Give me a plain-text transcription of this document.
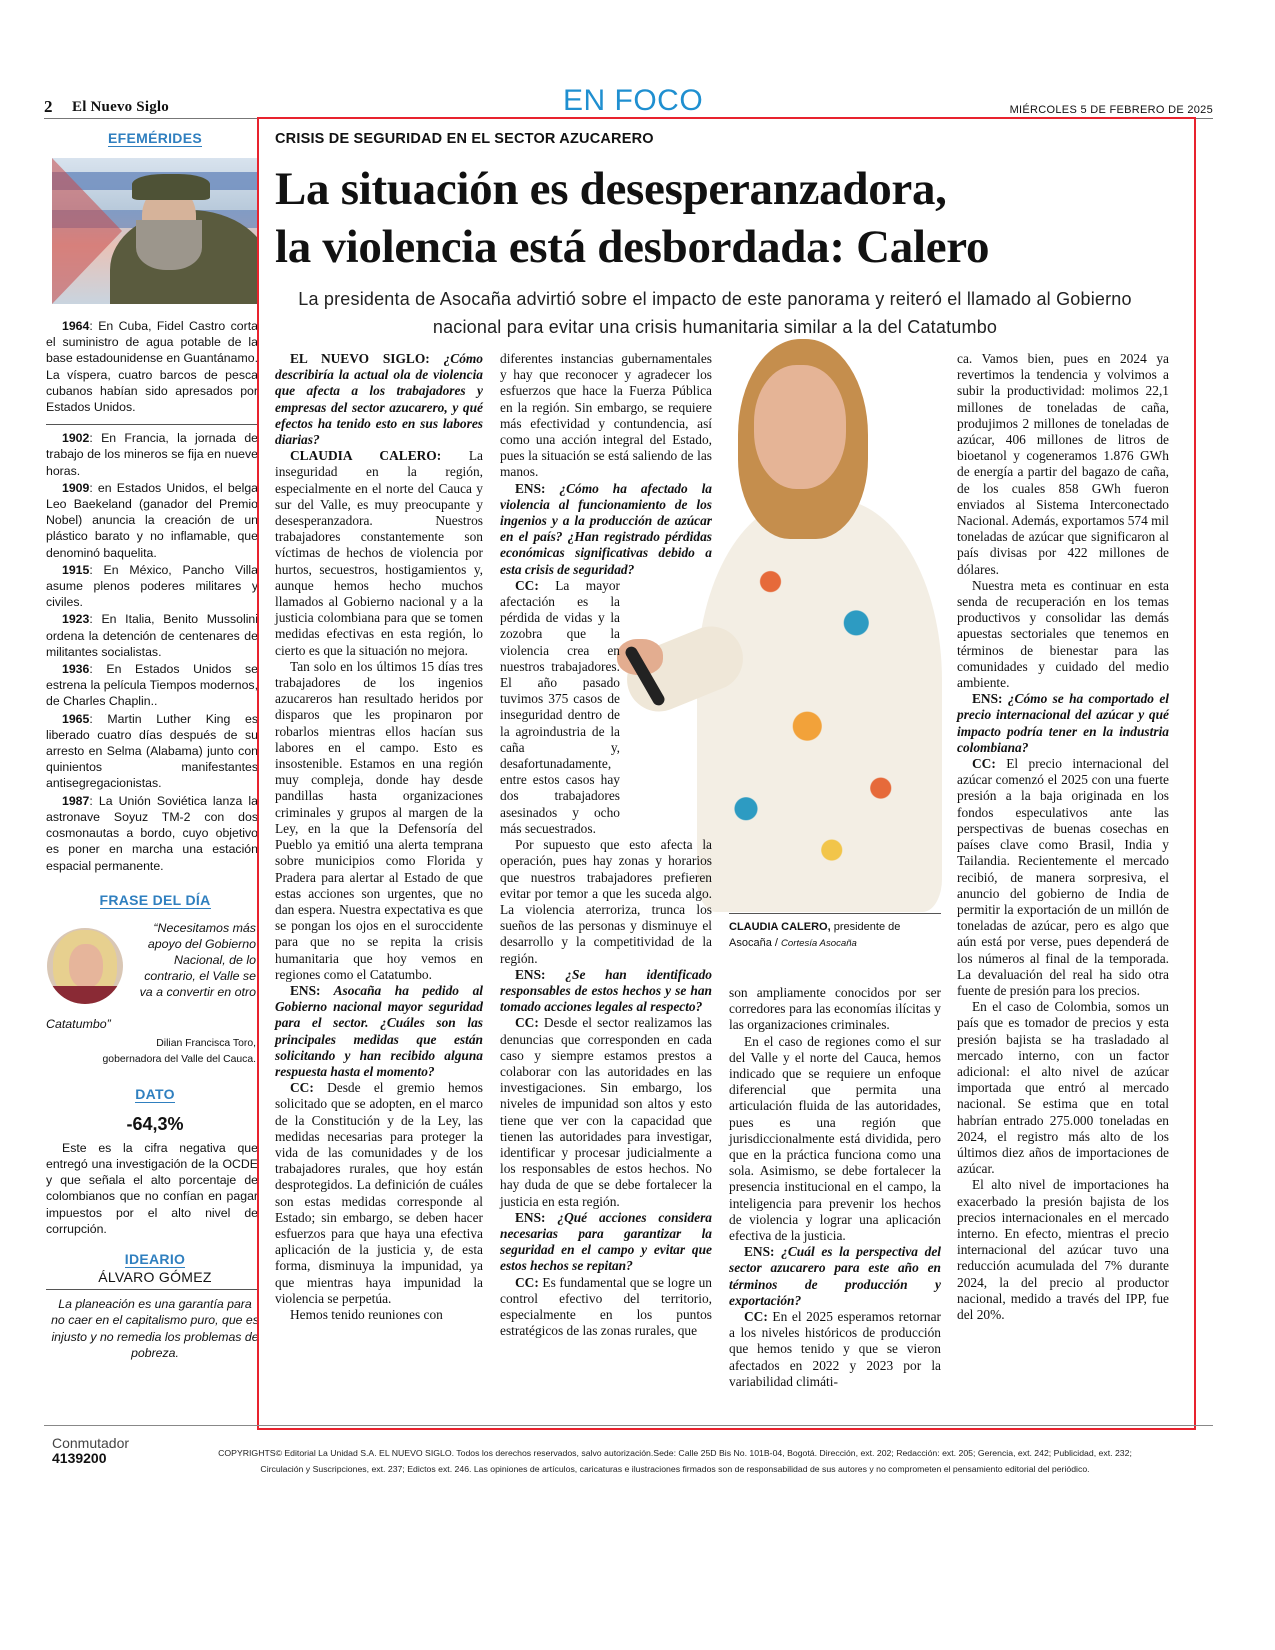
2 El Nuevo Siglo	EN FOCO	MIÉRCOLES 5 DE FEBRERO DE 2025
EFEMÉRIDES

1964: En Cuba, Fidel Castro corta el suministro de agua potable de la base estadounidense en Guantánamo. La víspera, cuatro barcos de pesca cubanos habían sido apresados por Estados Unidos.

1902: En Francia, la jornada de trabajo de los mineros se fija en nueve horas.

1909: en Estados Unidos, el belga Leo Baekeland (ganador del Premio Nobel) anuncia la creación de un plástico barato y no inflamable, que denominó baquelita.

1915: En México, Pancho Villa asume plenos poderes militares y civiles.

1923: En Italia, Benito Mussolini ordena la detención de centenares de militantes socialistas.

1936: En Estados Unidos se estrena la película Tiempos modernos, de Charles Chaplin..

1965: Martin Luther King es liberado cuatro días después de su arresto en Selma (Alabama) junto con quinientos manifestantes antisegregacionistas.

1987: La Unión Soviética lanza la astronave Soyuz TM-2 con dos cosmonautas a bordo, cuyo objetivo es poner en marcha una estación espacial permanente.

FRASE DEL DÍA
“Necesitamos más apoyo del Gobierno Nacional, de lo contrario, el Valle se va a convertir en otro
Catatumbo”
Dilian Francisca Toro,
gobernadora del Valle del Cauca.
DATO
-64,3%
Este es la cifra negativa que entregó una investigación de la OCDE y que señala el alto porcentaje de colombianos que no confían en pagar impuestos por el alto nivel de corrupción.
IDEARIO
ÁLVARO GÓMEZ
La planeación es una garantía para no caer en el capitalismo puro, que es injusto y no remedia los problemas de pobreza.
CRISIS DE SEGURIDAD EN EL SECTOR AZUCARERO
La situación es desesperanzadora,
la violencia está desbordada: Calero
La presidenta de Asocaña advirtió sobre el impacto de este panorama y reiteró el llamado al Gobierno nacional para evitar una crisis humanitaria similar a la del Catatumbo
CLAUDIA CALERO, presidente de Asocaña / Cortesía Asocaña

EL NUEVO SIGLO: ¿Cómo describiría la actual ola de violencia que afecta a los trabajadores y empresas del sector azucarero, y qué efectos ha tenido esto en sus labores diarias?

CLAUDIA CALERO: La inseguridad en la región, especialmente en el norte del Cauca y sur del Valle, es muy preocupante y desesperanzadora. Nuestros trabajadores constantemente son víctimas de hechos de violencia por hurtos, secuestros, hostigamientos y, aunque hemos hecho muchos llamados al Gobierno nacional y a la justicia colombiana para que se tomen medidas efectivas en esta región, lo cierto es que la situación no mejora.

Tan solo en los últimos 15 días tres trabajadores de los ingenios azucareros han resultado heridos por disparos que les propinaron por robarlos mientras ellos hacían sus labores en el campo. Esto es insostenible. Estamos en una región muy compleja, donde hay desde pandillas hasta organizaciones criminales y grupos al margen de la Ley, en la que la Defensoría del Pueblo ya emitió una alerta temprana sobre municipios como Florida y Pradera para alertar al Estado de que estas acciones son urgentes, que no dan espera. Nuestra expectativa es que se pongan los ojos en el suroccidente para que no se repita la crisis humanitaria que hoy vemos en regiones como el Catatumbo.

ENS: Asocaña ha pedido al Gobierno nacional mayor seguridad para el sector. ¿Cuáles son las principales medidas que están solicitando y han recibido alguna respuesta hasta el momento?

CC: Desde el gremio hemos solicitado que se adopten, en el marco de la Constitución y de la Ley, las medidas necesarias para proteger la vida de las comunidades y de los trabajadores rurales, que hoy están desprotegidos. La definición de cuáles son estas medidas corresponde al Estado; sin embargo, se deben hacer esfuerzos para que haya una efectiva aplicación de la justicia y, de esta forma, disminuya la impunidad, ya que mientras haya impunidad la violencia se perpetúa.

Hemos tenido reuniones con

diferentes instancias gubernamentales y hay que reconocer y agradecer los esfuerzos que hace la Fuerza Pública en la región. Sin embargo, se requiere más efectividad y contundencia, así como una acción integral del Estado, pues la situación se está saliendo de las manos.

ENS: ¿Cómo ha afectado la violencia al funcionamiento de los ingenios y a la producción de azúcar en el país? ¿Han registrado pérdidas económicas significativas debido a esta crisis de seguridad?

CC: La mayor afectación es la pérdida de vidas y la zozobra que la violencia crea en nuestros trabajadores. El año pasado tuvimos 375 casos de inseguridad dentro de la agroindustria de la caña y, desafortunadamente, entre estos casos hay dos trabajadores asesinados y ocho más secuestrados.

Por supuesto que esto afecta la operación, pues hay zonas y horarios que nuestros trabajadores prefieren evitar por temor a que les suceda algo. La violencia aterroriza, trunca los sueños de las personas y disminuye el desarrollo y la competitividad de la región.

ENS: ¿Se han identificado responsables de estos hechos y se han tomado acciones legales al respecto?

CC: Desde el sector realizamos las denuncias que corresponden en cada caso y siempre estamos prestos a colaborar con las autoridades en las investigaciones. Sin embargo, los niveles de impunidad son altos y esto tiene que ver con la capacidad que tienen las autoridades para investigar, identificar y procesar judicialmente a los responsables de estos hechos. No hay duda de que se debe fortalecer la justicia en esta región.

ENS: ¿Qué acciones considera necesarias para garantizar la seguridad en el campo y evitar que estos hechos se repitan?

CC: Es fundamental que se logre un control efectivo del territorio, especialmente en los puntos estratégicos de las zonas rurales, que

son ampliamente conocidos por ser corredores para las economías ilícitas y las organizaciones criminales.

En el caso de regiones como el sur del Valle y el norte del Cauca, hemos indicado que se requiere un enfoque diferencial que permita una articulación fluida de las autoridades, pues es una región que jurisdiccionalmente está dividida, pero que en la práctica funciona como una sola. Asimismo, se debe fortalecer la presencia institucional en el campo, la inteligencia para prevenir los hechos de violencia y lograr una aplicación efectiva de la justicia.

ENS: ¿Cuál es la perspectiva del sector azucarero para este año en términos de producción y exportación?

CC: En el 2025 esperamos retornar a los niveles históricos de producción que hemos tenido y que se vieron afectados en 2022 y 2023 por la variabilidad climáti-

ca. Vamos bien, pues en 2024 ya revertimos la tendencia y volvimos a subir la productividad: molimos 22,1 millones de toneladas de caña, produjimos 2 millones de toneladas de azúcar, 406 millones de litros de bioetanol y cogeneramos 1.876 GWh de energía a partir del bagazo de caña, de los cuales 858 GWh fueron enviados al Sistema Interconectado Nacional. Además, exportamos 574 mil toneladas de azúcar que significaron al país divisas por 422 millones de dólares.

Nuestra meta es continuar en esta senda de recuperación en los temas productivos y consolidar las demás apuestas sectoriales que tenemos en términos de bienestar para las comunidades y cuidado del medio ambiente.

ENS: ¿Cómo se ha comportado el precio internacional del azúcar y qué impacto podría tener en la industria colombiana?

CC: El precio internacional del azúcar comenzó el 2025 con una fuerte presión a la baja originada en los fondos especulativos ante las perspectivas de buenas cosechas en países clave como Brasil, India y Tailandia. Recientemente el mercado recibió, de manera sorpresiva, el anuncio del gobierno de India de permitir la exportación de un millón de toneladas de azúcar, pero es algo que aún está por verse, pues dependerá de los números al final de la temporada. La devaluación del real ha sido otra fuente de presión para los precios.

En el caso de Colombia, somos un país que es tomador de precios y esta presión bajista se ha trasladado al mercado interno, con un factor adicional: el alto nivel de azúcar importada que entró al mercado nacional. Se estima que en total habrían entrado 275.000 toneladas en 2024, el registro más alto de los últimos diez años de importaciones de azúcar.

El alto nivel de importaciones ha exacerbado la presión bajista de los precios internacionales en el mercado interno. En efecto, mientras el precio internacional del azúcar tuvo una reducción acumulada del 7% durante 2024, la del precio al productor nacional, medido a través del IPP, fue del 20%.

Conmutador
4139200	COPYRIGHTS© Editorial La Unidad S.A. EL NUEVO SIGLO. Todos los derechos reservados, salvo autorización.Sede: Calle 25D Bis No. 101B-04, Bogotá. Dirección, ext. 202; Redacción: ext. 205; Gerencia, ext. 242; Publicidad, ext. 232;
Circulación y Suscripciones, ext. 237; Edictos ext. 246. Las opiniones de artículos, caricaturas e ilustraciones firmados son de responsabilidad de sus autores y no comprometen el pensamiento editorial del periódico.
